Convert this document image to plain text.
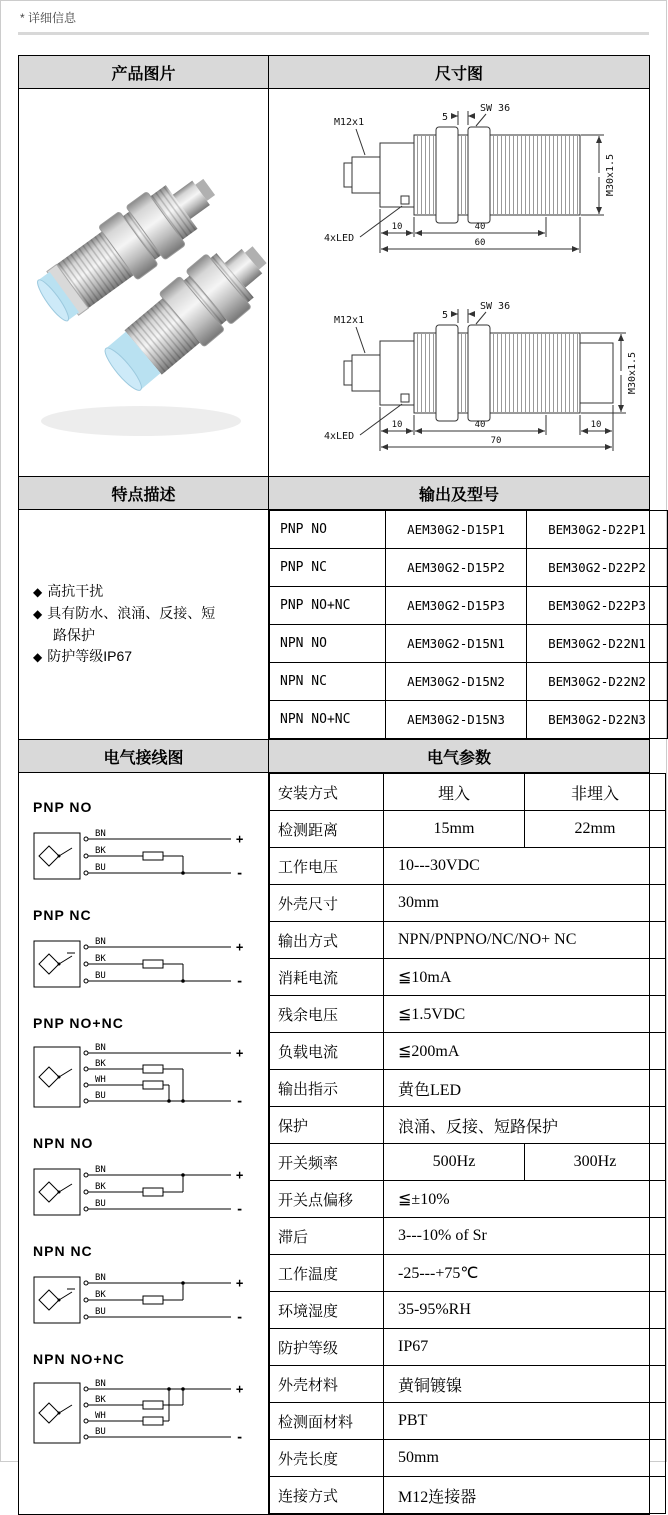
* 详细信息
产品图片	尺寸图

M12x1	5
SW 36
4xLED
M30x1.5
10	40
60
M12x1	5
SW 36
4xLED
M30x1.5
10	40	10
70

特点描述	输出及型号

◆ 高抗干扰
◆ 具有防水、浪涌、反接、短路保护
◆ 防护等级IP67

PNP NO	AEM30G2-D15P1	BEM30G2-D22P1
PNP NC	AEM30G2-D15P2	BEM30G2-D22P2
PNP NO+NC	AEM30G2-D15P3	BEM30G2-D22P3
NPN NO	AEM30G2-D15N1	BEM30G2-D22N1
NPN NC	AEM30G2-D15N2	BEM30G2-D22N2
NPN NO+NC	AEM30G2-D15N3	BEM30G2-D22N3

电气接线图	电气参数

PNP NO
BN
BK
BU
+
-
PNP NC
BN
BK
BU
+
-
PNP NO+NC
BN
BK
WH
BU
+
-
NPN NO
BN
BK
BU
+
-
NPN NC
BN
BK
BU
+
-
NPN NO+NC
BN
BK
WH
BU
+
-

安装方式	埋入	非埋入
检测距离	15mm	22mm
工作电压	10---30VDC
外壳尺寸	30mm
输出方式	NPN/PNPNO/NC/NO+ NC
消耗电流	≦10mA
残余电压	≦1.5VDC
负载电流	≦200mA
输出指示	黄色LED
保护	浪涌、反接、短路保护
开关频率	500Hz	300Hz
开关点偏移	≦±10%
滞后	3---10% of Sr
工作温度	-25---+75℃
环境湿度	35-95%RH
防护等级	IP67
外壳材料	黄铜镀镍
检测面材料	PBT
外壳长度	50mm
连接方式	M12连接器
